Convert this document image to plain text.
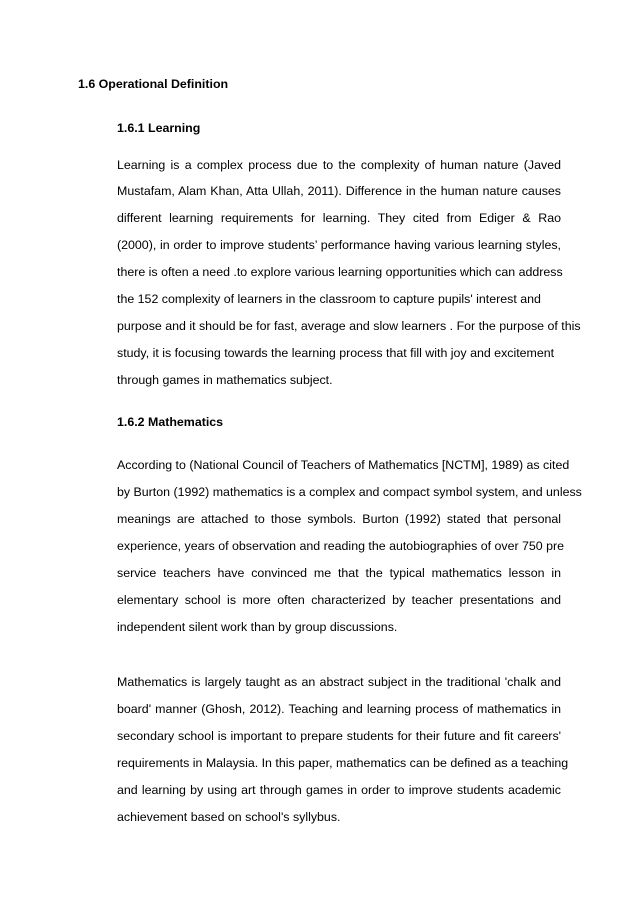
1.6 Operational Definition
1.6.1 Learning
Learning is a complex process due to the complexity of human nature (Javed
Mustafam, Alam Khan, Atta Ullah, 2011). Difference in the human nature causes
different learning requirements for learning. They cited from Ediger & Rao
(2000), in order to improve students’ performance having various learning styles,
there is often a need .to explore various learning opportunities which can address
the 152 complexity of learners in the classroom to capture pupils' interest and
purpose and it should be for fast, average and slow learners . For the purpose of this
study, it is focusing towards the learning process that fill with joy and excitement
through games in mathematics subject.
1.6.2 Mathematics
According to (National Council of Teachers of Mathematics [NCTM], 1989) as cited
by Burton (1992) mathematics is a complex and compact symbol system, and unless
meanings are attached to those symbols. Burton (1992) stated that personal
experience, years of observation and reading the autobiographies of over 750 pre
service teachers have convinced me that the typical mathematics lesson in
elementary school is more often characterized by teacher presentations and
independent silent work than by group discussions.
Mathematics is largely taught as an abstract subject in the traditional 'chalk and
board' manner (Ghosh, 2012). Teaching and learning process of mathematics in
secondary school is important to prepare students for their future and fit careers'
requirements in Malaysia. In this paper, mathematics can be defined as a teaching
and learning by using art through games in order to improve students academic
achievement based on school's syllybus.
